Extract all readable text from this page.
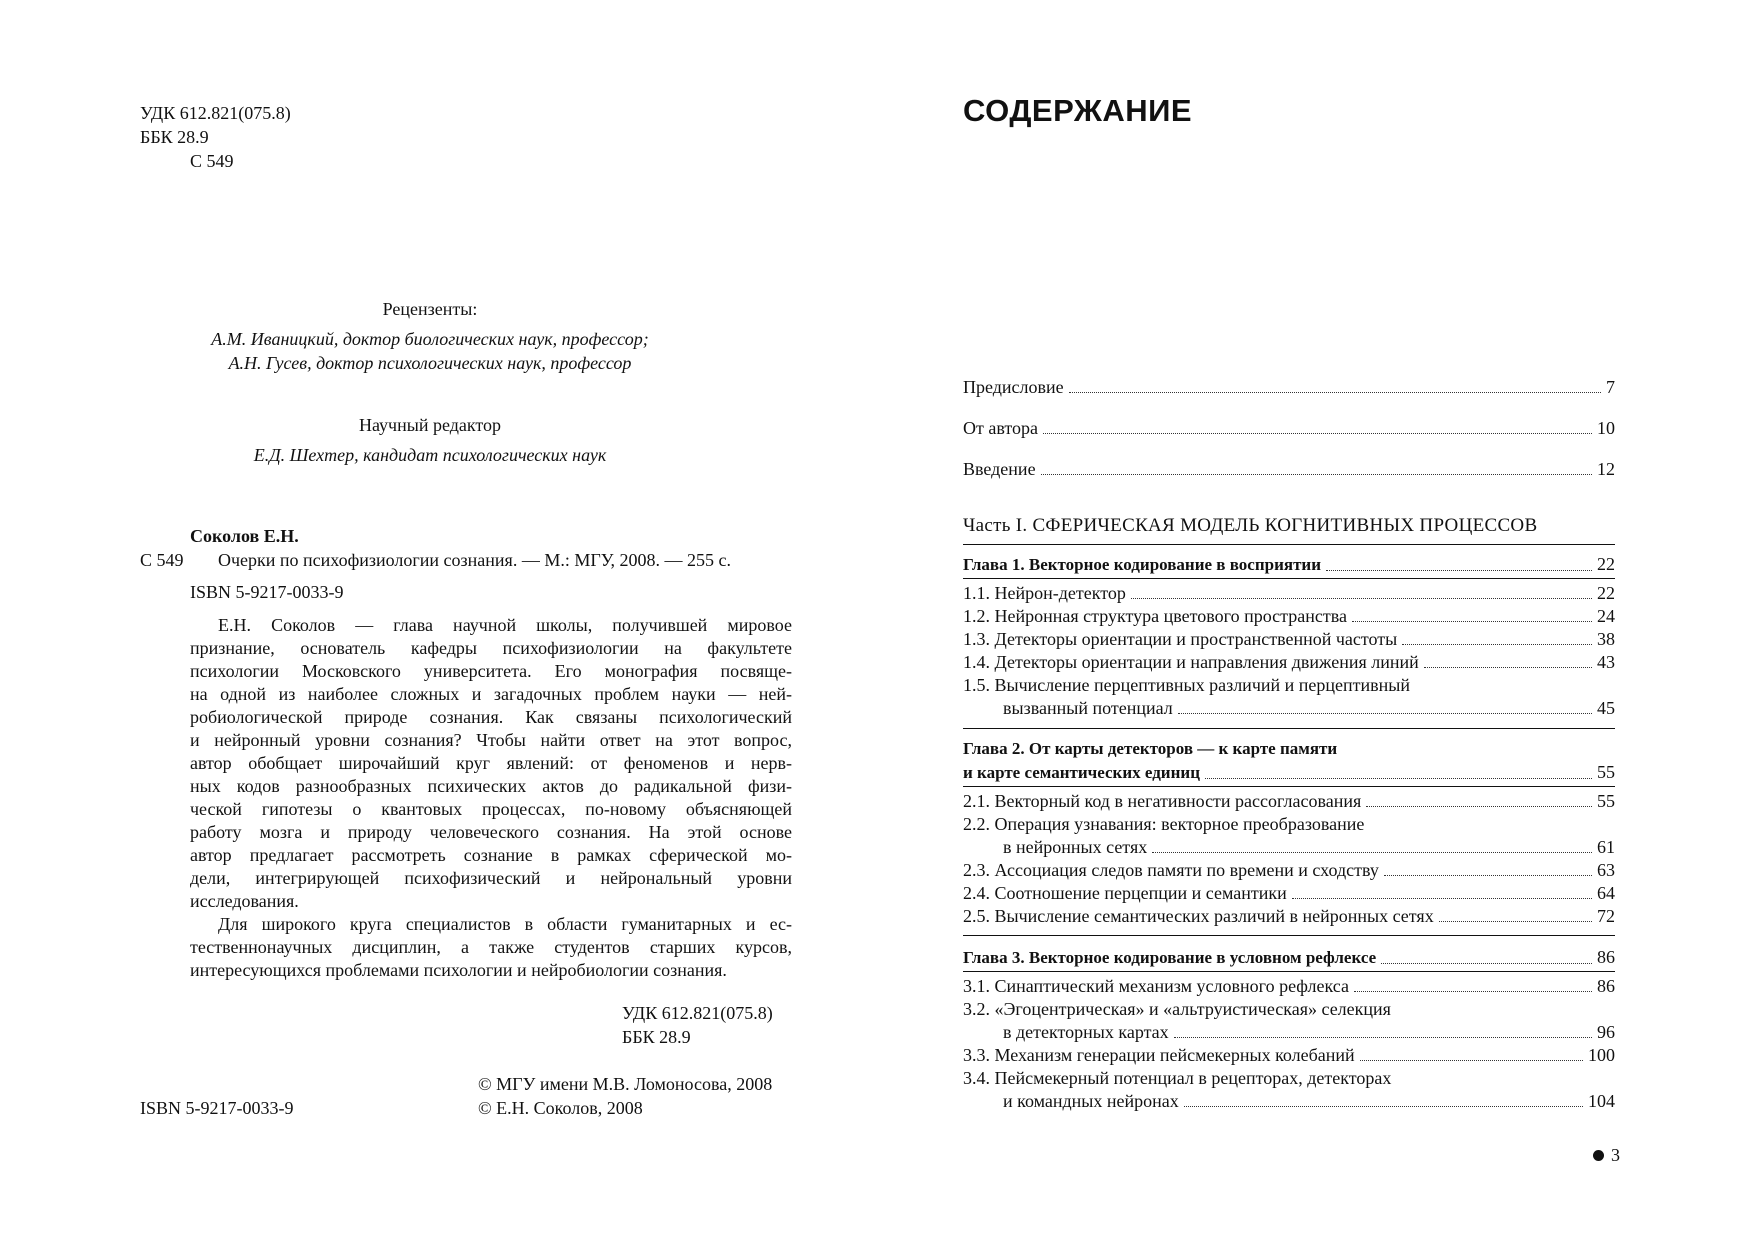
УДК 612.821(075.8)
ББК 28.9
С 549
Рецензенты:
А.М. Иваницкий, доктор биологических наук, профессор;
А.Н. Гусев, доктор психологических наук, профессор
Научный редактор
Е.Д. Шехтер, кандидат психологических наук
Соколов Е.Н.
С 549 Очерки по психофизиологии сознания. — М.: МГУ, 2008. — 255 с.
ISBN 5-9217-0033-9
Е.Н. Соколов — глава научной школы, получившей мировое
признание, основатель кафедры психофизиологии на факультете
психологии Московского университета. Его монография посвяще-
на одной из наиболее сложных и загадочных проблем науки — ней-
робиологической природе сознания. Как связаны психологический
и нейронный уровни сознания? Чтобы найти ответ на этот вопрос,
автор обобщает широчайший круг явлений: от феноменов и нерв-
ных кодов разнообразных психических актов до радикальной физи-
ческой гипотезы о квантовых процессах, по-новому объясняющей
работу мозга и природу человеческого сознания. На этой основе
автор предлагает рассмотреть сознание в рамках сферической мо-
дели, интегрирующей психофизический и нейрональный уровни
исследования.
Для широкого круга специалистов в области гуманитарных и ес-
тественнонаучных дисциплин, а также студентов старших курсов,
интересующихся проблемами психологии и нейробиологии сознания.
УДК 612.821(075.8)
ББК 28.9
© МГУ имени М.В. Ломоносова, 2008
© Е.Н. Соколов, 2008
ISBN 5-9217-0033-9
СОДЕРЖАНИЕ
Предисловие	7
От автора	10
Введение	12
Часть I. СФЕРИЧЕСКАЯ МОДЕЛЬ КОГНИТИВНЫХ ПРОЦЕССОВ
Глава 1. Векторное кодирование в восприятии	22
1.1. Нейрон-детектор	22
1.2. Нейронная структура цветового пространства	24
1.3. Детекторы ориентации и пространственной частоты	38
1.4. Детекторы ориентации и направления движения линий	43
1.5. Вычисление перцептивных различий и перцептивный
вызванный потенциал	45
Глава 2. От карты детекторов — к карте памяти
и карте семантических единиц	55
2.1. Векторный код в негативности рассогласования	55
2.2. Операция узнавания: векторное преобразование
в нейронных сетях	61
2.3. Ассоциация следов памяти по времени и сходству	63
2.4. Соотношение перцепции и семантики	64
2.5. Вычисление семантических различий в нейронных сетях	72
Глава 3. Векторное кодирование в условном рефлексе	86
3.1. Синаптический механизм условного рефлекса	86
3.2. «Эгоцентрическая» и «альтруистическая» селекция
в детекторных картах	96
3.3. Механизм генерации пейсмекерных колебаний	100
3.4. Пейсмекерный потенциал в рецепторах, детекторах
и командных нейронах	104
3
